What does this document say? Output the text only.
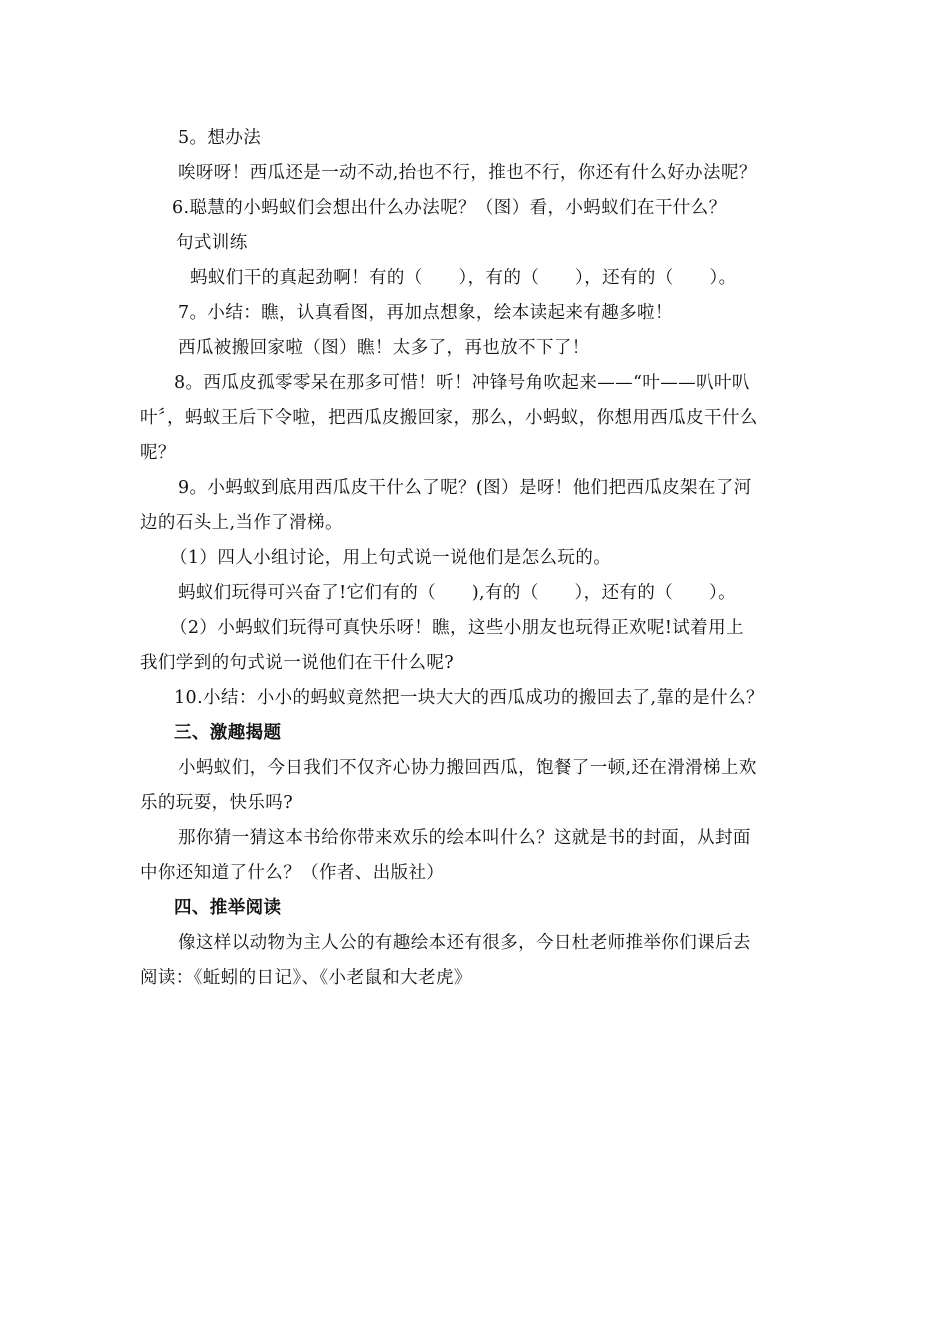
5。想办法
唉呀呀！西瓜还是一动不动,抬也不行，推也不行，你还有什么好办法呢？
6.聪慧的小蚂蚁们会想出什么办法呢？（图）看，小蚂蚁们在干什么？
句式训练
蚂蚁们干的真起劲啊！有的（　　），有的（　　），还有的（　　）。
7。小结：瞧，认真看图，再加点想象，绘本读起来有趣多啦！
西瓜被搬回家啦（图）瞧！太多了，再也放不下了！
8。西瓜皮孤零零呆在那多可惜！听！冲锋号角吹起来——“叶——叭叶叭
叶〞，蚂蚁王后下令啦，把西瓜皮搬回家，那么，小蚂蚁，你想用西瓜皮干什么
呢？
9。小蚂蚁到底用西瓜皮干什么了呢？(图）是呀！他们把西瓜皮架在了河
边的石头上,当作了滑梯。
（1）四人小组讨论，用上句式说一说他们是怎么玩的。
蚂蚁们玩得可兴奋了!它们有的（　　),有的（　　），还有的（　　）。
（2）小蚂蚁们玩得可真快乐呀！瞧，这些小朋友也玩得正欢呢!试着用上
我们学到的句式说一说他们在干什么呢?
10.小结：小小的蚂蚁竟然把一块大大的西瓜成功的搬回去了,靠的是什么？
三、激趣揭题
小蚂蚁们，今日我们不仅齐心协力搬回西瓜，饱餐了一顿,还在滑滑梯上欢
乐的玩耍，快乐吗?
那你猜一猜这本书给你带来欢乐的绘本叫什么？这就是书的封面，从封面
中你还知道了什么？（作者、出版社）
四、推举阅读
像这样以动物为主人公的有趣绘本还有很多，今日杜老师推举你们课后去
阅读：《蚯蚓的日记》、《小老鼠和大老虎》
